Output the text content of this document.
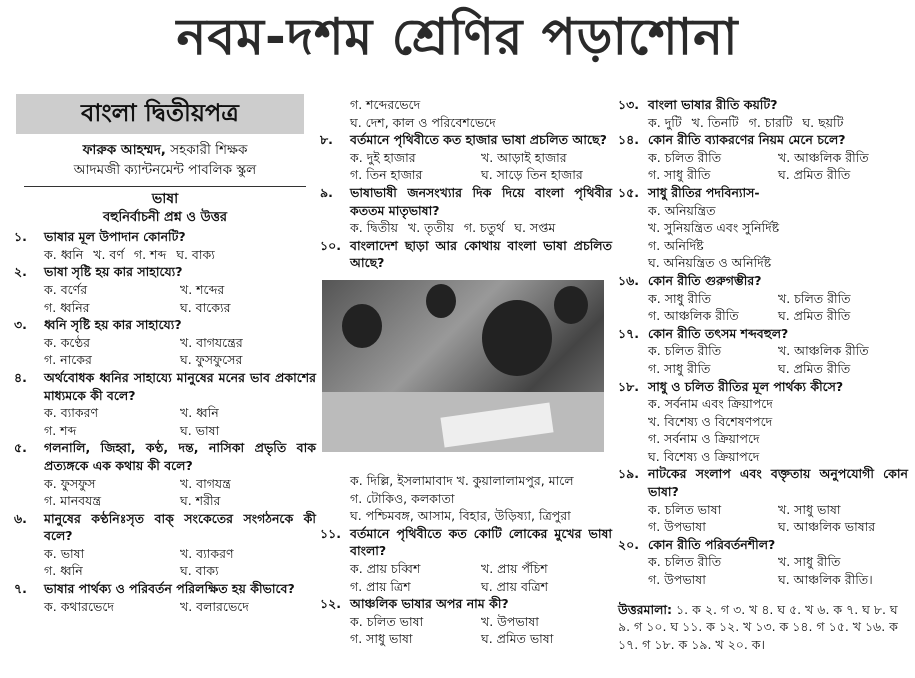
নবম-দশম শ্রেণির পড়াশোনা
বাংলা দ্বিতীয়পত্র
ফারুক আহম্মদ, সহকারী শিক্ষক
আদমজী ক্যান্টনমেন্ট পাবলিক স্কুল
ভাষা
বহুনির্বাচনী প্রশ্ন ও উত্তর
১.	ভাষার মূল উপাদান কোনটি?
ক. ধ্বনি খ. বর্ণ গ. শব্দ ঘ. বাক্য
২.	ভাষা সৃষ্টি হয় কার সাহায্যে?
ক. বর্ণের	খ. শব্দের
গ. ধ্বনির	ঘ. বাক্যের
৩.	ধ্বনি সৃষ্টি হয় কার সাহায্যে?
ক. কণ্ঠের	খ. বাগযন্ত্রের
গ. নাকের	ঘ. ফুসফুসের
৪.	অর্থবোধক ধ্বনির সাহায্যে মানুষের মনের ভাব প্রকাশের মাধ্যমকে কী বলে?
ক. ব্যাকরণ	খ. ধ্বনি
গ. শব্দ	ঘ. ভাষা
৫.	গলনালি, জিহ্বা, কণ্ঠ, দন্ত, নাসিকা প্রভৃতি বাক প্রত্যঙ্গকে এক কথায় কী বলে?
ক. ফুসফুস	খ. বাগযন্ত্র
গ. মানবযন্ত্র	ঘ. শরীর
৬.	মানুষের কণ্ঠনিঃসৃত বাক্ সংকেতের সংগঠনকে কী বলে?
ক. ভাষা	খ. ব্যাকরণ
গ. ধ্বনি	ঘ. বাক্য
৭.	ভাষার পার্থক্য ও পরিবর্তন পরিলক্ষিত হয় কীভাবে?
ক. কথারভেদে	খ. বলারভেদে
গ. শব্দেরভেদে
ঘ. দেশ, কাল ও পরিবেশভেদে
৮.	বর্তমানে পৃথিবীতে কত হাজার ভাষা প্রচলিত আছে?
ক. দুই হাজার	খ. আড়াই হাজার
গ. তিন হাজার	ঘ. সাড়ে তিন হাজার
৯.	ভাষাভাষী জনসংখ্যার দিক দিয়ে বাংলা পৃথিবীর কততম মাতৃভাষা?
ক. দ্বিতীয় খ. তৃতীয় গ. চতুর্থ ঘ. সপ্তম
১০. বাংলাদেশ ছাড়া আর কোথায় বাংলা ভাষা প্রচলিত আছে?
ক. দিল্লি, ইসলামাবাদ খ. কুয়ালালামপুর, মালে
গ. টোকিও, কলকাতা
ঘ. পশ্চিমবঙ্গ, আসাম, বিহার, উড়িষ্যা, ত্রিপুরা
১১. বর্তমানে পৃথিবীতে কত কোটি লোকের মুখের ভাষা বাংলা?
ক. প্রায় চব্বিশ	খ. প্রায় পঁচিশ
গ. প্রায় ত্রিশ	ঘ. প্রায় বত্রিশ
১২. আঞ্চলিক ভাষার অপর নাম কী?
ক. চলিত ভাষা	খ. উপভাষা
গ. সাধু ভাষা	ঘ. প্রমিত ভাষা
১৩. বাংলা ভাষার রীতি কয়টি?
ক. দুটি খ. তিনটি গ. চারটি ঘ. ছয়টি
১৪. কোন রীতি ব্যাকরণের নিয়ম মেনে চলে?
ক. চলিত রীতি	খ. আঞ্চলিক রীতি
গ. সাধু রীতি	ঘ. প্রমিত রীতি
১৫. সাধু রীতির পদবিন্যাস-
ক. অনিয়ন্ত্রিত
খ. সুনিয়ন্ত্রিত এবং সুনির্দিষ্ট
গ. অনির্দিষ্ট
ঘ. অনিয়ন্ত্রিত ও অনির্দিষ্ট
১৬. কোন রীতি গুরুগম্ভীর?
ক. সাধু রীতি	খ. চলিত রীতি
গ. আঞ্চলিক রীতি	ঘ. প্রমিত রীতি
১৭. কোন রীতি তৎসম শব্দবহুল?
ক. চলিত রীতি	খ. আঞ্চলিক রীতি
গ. সাধু রীতি	ঘ. প্রমিত রীতি
১৮. সাধু ও চলিত রীতির মূল পার্থক্য কীসে?
ক. সর্বনাম এবং ক্রিয়াপদে
খ. বিশেষ্য ও বিশেষণপদে
গ. সর্বনাম ও ক্রিয়াপদে
ঘ. বিশেষ্য ও ক্রিয়াপদে
১৯. নাটকের সংলাপ এবং বক্তৃতায় অনুপযোগী কোন ভাষা?
ক. চলিত ভাষা	খ. সাধু ভাষা
গ. উপভাষা	ঘ. আঞ্চলিক ভাষার
২০. কোন রীতি পরিবর্তনশীল?
ক. চলিত রীতি	খ. সাধু রীতি
গ. উপভাষা	ঘ. আঞ্চলিক রীতি।
উত্তরমালা: ১. ক ২. গ ৩. খ ৪. ঘ ৫. খ ৬. ক ৭. ঘ ৮. ঘ ৯. গ ১০. ঘ ১১. ক ১২. খ ১৩. ক ১৪. গ ১৫. খ ১৬. ক ১৭. গ ১৮. ক ১৯. খ ২০. ক।
